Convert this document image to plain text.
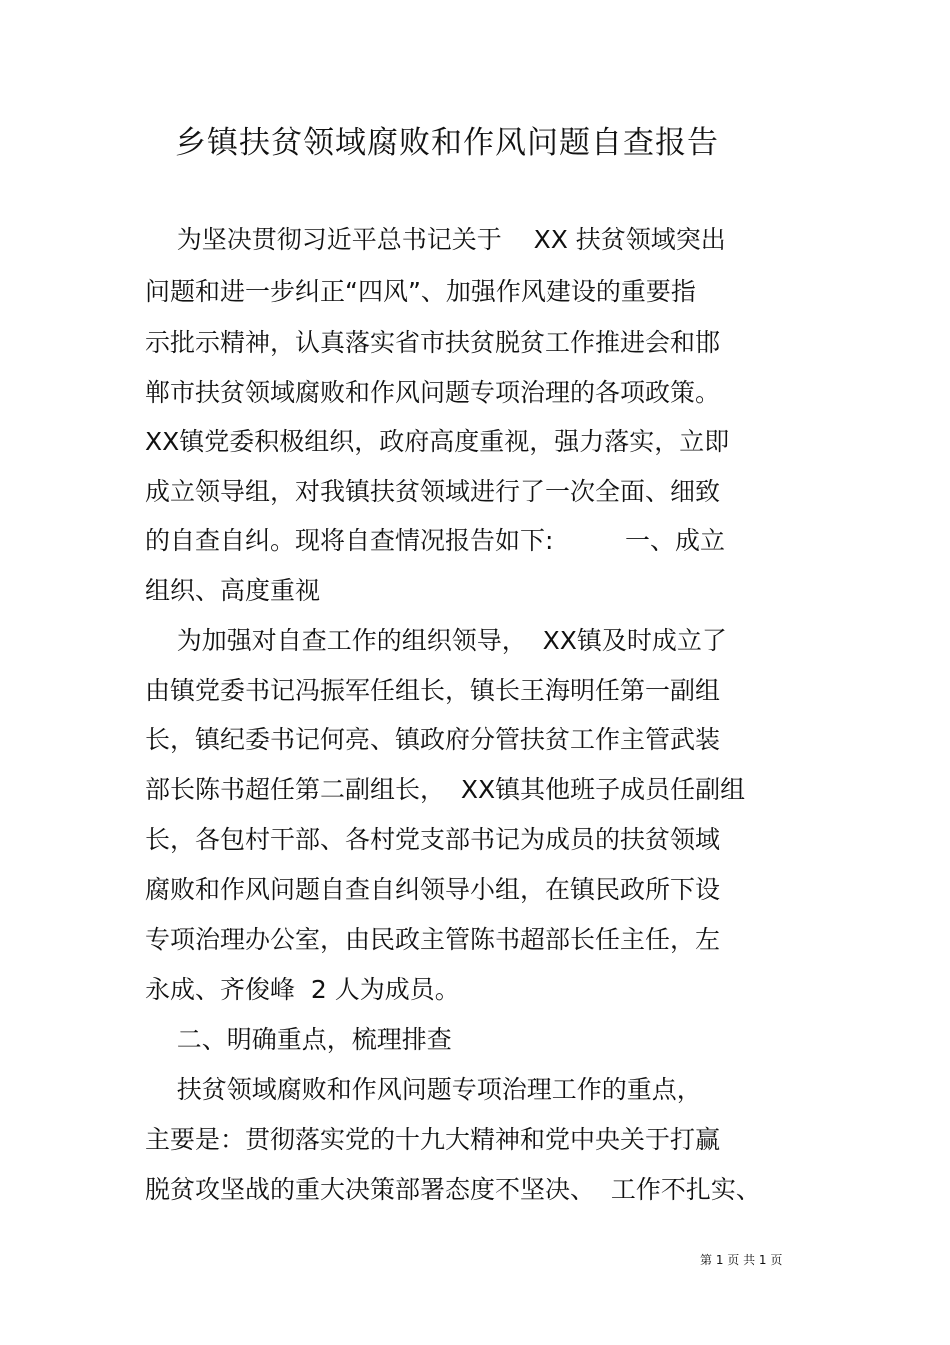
乡镇扶贫领域腐败和作风问题自查报告
为坚决贯彻习近平总书记关于    XX 扶贫领域突出
问题和进一步纠正“四风”、加强作风建设的重要指
示批示精神，认真落实省市扶贫脱贫工作推进会和邯
郸市扶贫领域腐败和作风问题专项治理的各项政策。
XX镇党委积极组织，政府高度重视，强力落实，立即
成立领导组，对我镇扶贫领域进行了一次全面、细致
的自查自纠。现将自查情况报告如下:         一、成立
组织、高度重视
为加强对自查工作的组织领导，  XX镇及时成立了
由镇党委书记冯振军任组长，镇长王海明任第一副组
长，镇纪委书记何亮、镇政府分管扶贫工作主管武装
部长陈书超任第二副组长，  XX镇其他班子成员任副组
长，各包村干部、各村党支部书记为成员的扶贫领域
腐败和作风问题自查自纠领导小组，在镇民政所下设
专项治理办公室，由民政主管陈书超部长任主任，左
永成、齐俊峰  2 人为成员。
二、明确重点，梳理排查
扶贫领域腐败和作风问题专项治理工作的重点，
主要是：贯彻落实党的十九大精神和党中央关于打赢
脱贫攻坚战的重大决策部署态度不坚决、  工作不扎实、
第 1 页 共 1 页
